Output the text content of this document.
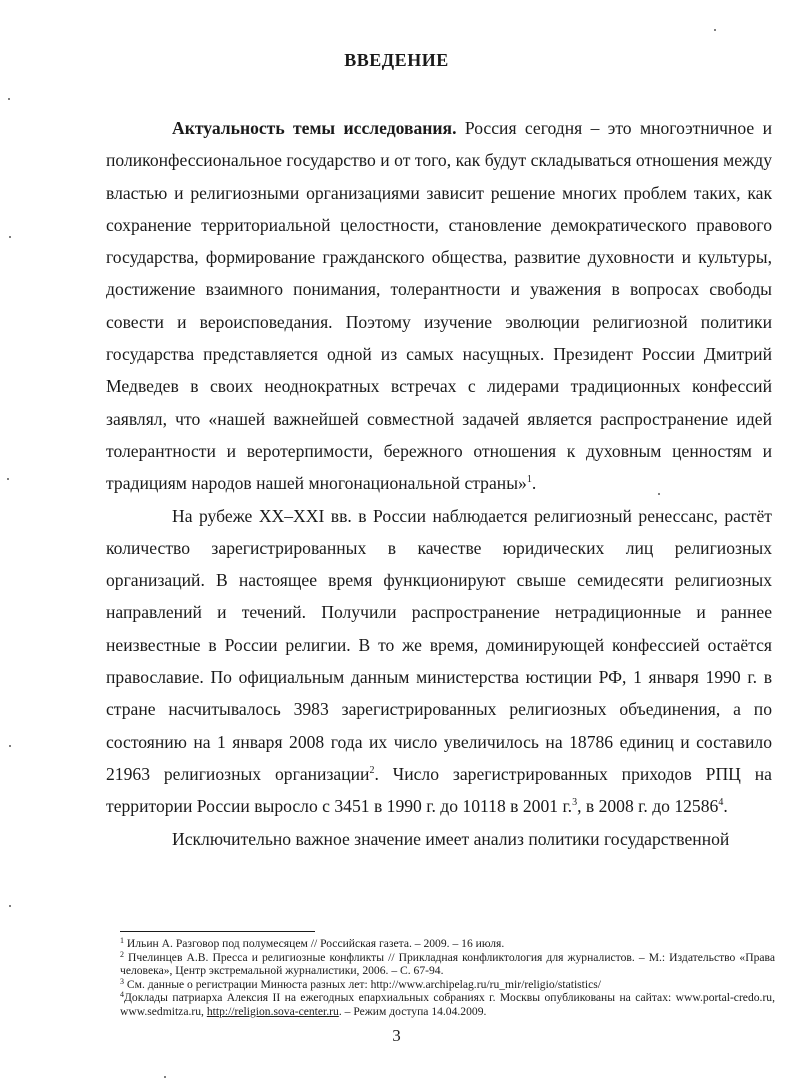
ВВЕДЕНИЕ

Актуальность темы исследования. Россия сегодня – это многоэтничное и поликонфессиональное государство и от того, как будут складываться отношения между властью и религиозными организациями зависит решение многих проблем таких, как сохранение территориальной целостности, становление демократического правового государства, формирование гражданского общества, развитие духовности и культуры, достижение взаимного понимания, толерантности и уважения в вопросах свободы совести и вероисповедания. Поэтому изучение эволюции религиозной политики государства представляется одной из самых насущных. Президент России Дмитрий Медведев в своих неоднократных встречах с лидерами традиционных конфессий заявлял, что «нашей важнейшей совместной задачей является распространение идей толерантности и веротерпимости, бережного отношения к духовным ценностям и традициям народов нашей многонациональной страны»$^1$.

На рубеже XX–XXI вв. в России наблюдается религиозный ренессанс, растёт количество зарегистрированных в качестве юридических лиц религиозных организаций. В настоящее время функционируют свыше семидесяти религиозных направлений и течений. Получили распространение нетрадиционные и раннее неизвестные в России религии. В то же время, доминирующей конфессией остаётся православие. По официальным данным министерства юстиции РФ, 1 января 1990 г. в стране насчитывалось 3983 зарегистрированных религиозных объединения, а по состоянию на 1 января 2008 года их число увеличилось на 18786 единиц и составило 21963 религиозных организации$^2$. Число зарегистрированных приходов РПЦ на территории России выросло с 3451 в 1990 г. до 10118 в 2001 г.$^3$, в 2008 г. до 12586$^4$.

Исключительно важное значение имеет анализ политики государственной

$^1$ Ильин А. Разговор под полумесяцем // Российская газета. – 2009. – 16 июля.

$^2$ Пчелинцев А.В. Пресса и религиозные конфликты // Прикладная конфликтология для журналистов. – М.: Издательство «Права человека», Центр экстремальной журналистики, 2006. – С. 67-94.

$^3$ См. данные о регистрации Минюста разных лет: http://www.archipelag.ru/ru_mir/religio/statistics/

$^4$Доклады патриарха Алексия II на ежегодных епархиальных собраниях г. Москвы опубликованы на сайтах: www.portal-credo.ru, www.sedmitza.ru, http://religion.sova-center.ru. – Режим доступа 14.04.2009.

3
